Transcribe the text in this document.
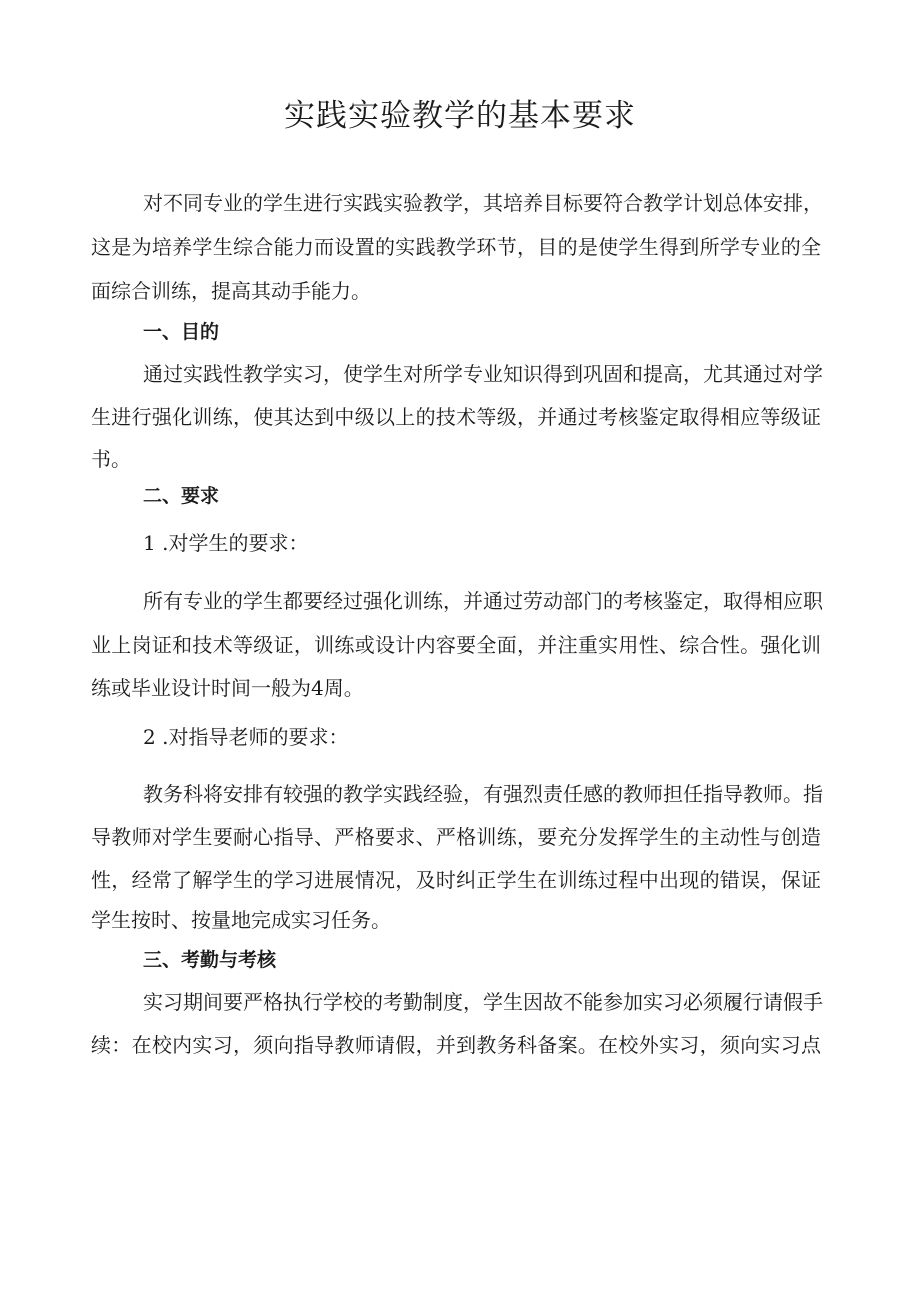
实践实验教学的基本要求
对不同专业的学生进行实践实验教学，其培养目标要符合教学计划总体安排，
这是为培养学生综合能力而设置的实践教学环节，目的是使学生得到所学专业的全
面综合训练，提高其动手能力。
一、目的
通过实践性教学实习，使学生对所学专业知识得到巩固和提高，尤其通过对学
生进行强化训练，使其达到中级以上的技术等级，并通过考核鉴定取得相应等级证
书。
二、要求
1 .对学生的要求：
所有专业的学生都要经过强化训练，并通过劳动部门的考核鉴定，取得相应职
业上岗证和技术等级证，训练或设计内容要全面，并注重实用性、综合性。强化训
练或毕业设计时间一般为4周。
2 .对指导老师的要求：
教务科将安排有较强的教学实践经验，有强烈责任感的教师担任指导教师。指
导教师对学生要耐心指导、严格要求、严格训练，要充分发挥学生的主动性与创造
性，经常了解学生的学习进展情况，及时纠正学生在训练过程中出现的错误，保证
学生按时、按量地完成实习任务。
三、考勤与考核
实习期间要严格执行学校的考勤制度，学生因故不能参加实习必须履行请假手
续：在校内实习，须向指导教师请假，并到教务科备案。在校外实习，须向实习点
